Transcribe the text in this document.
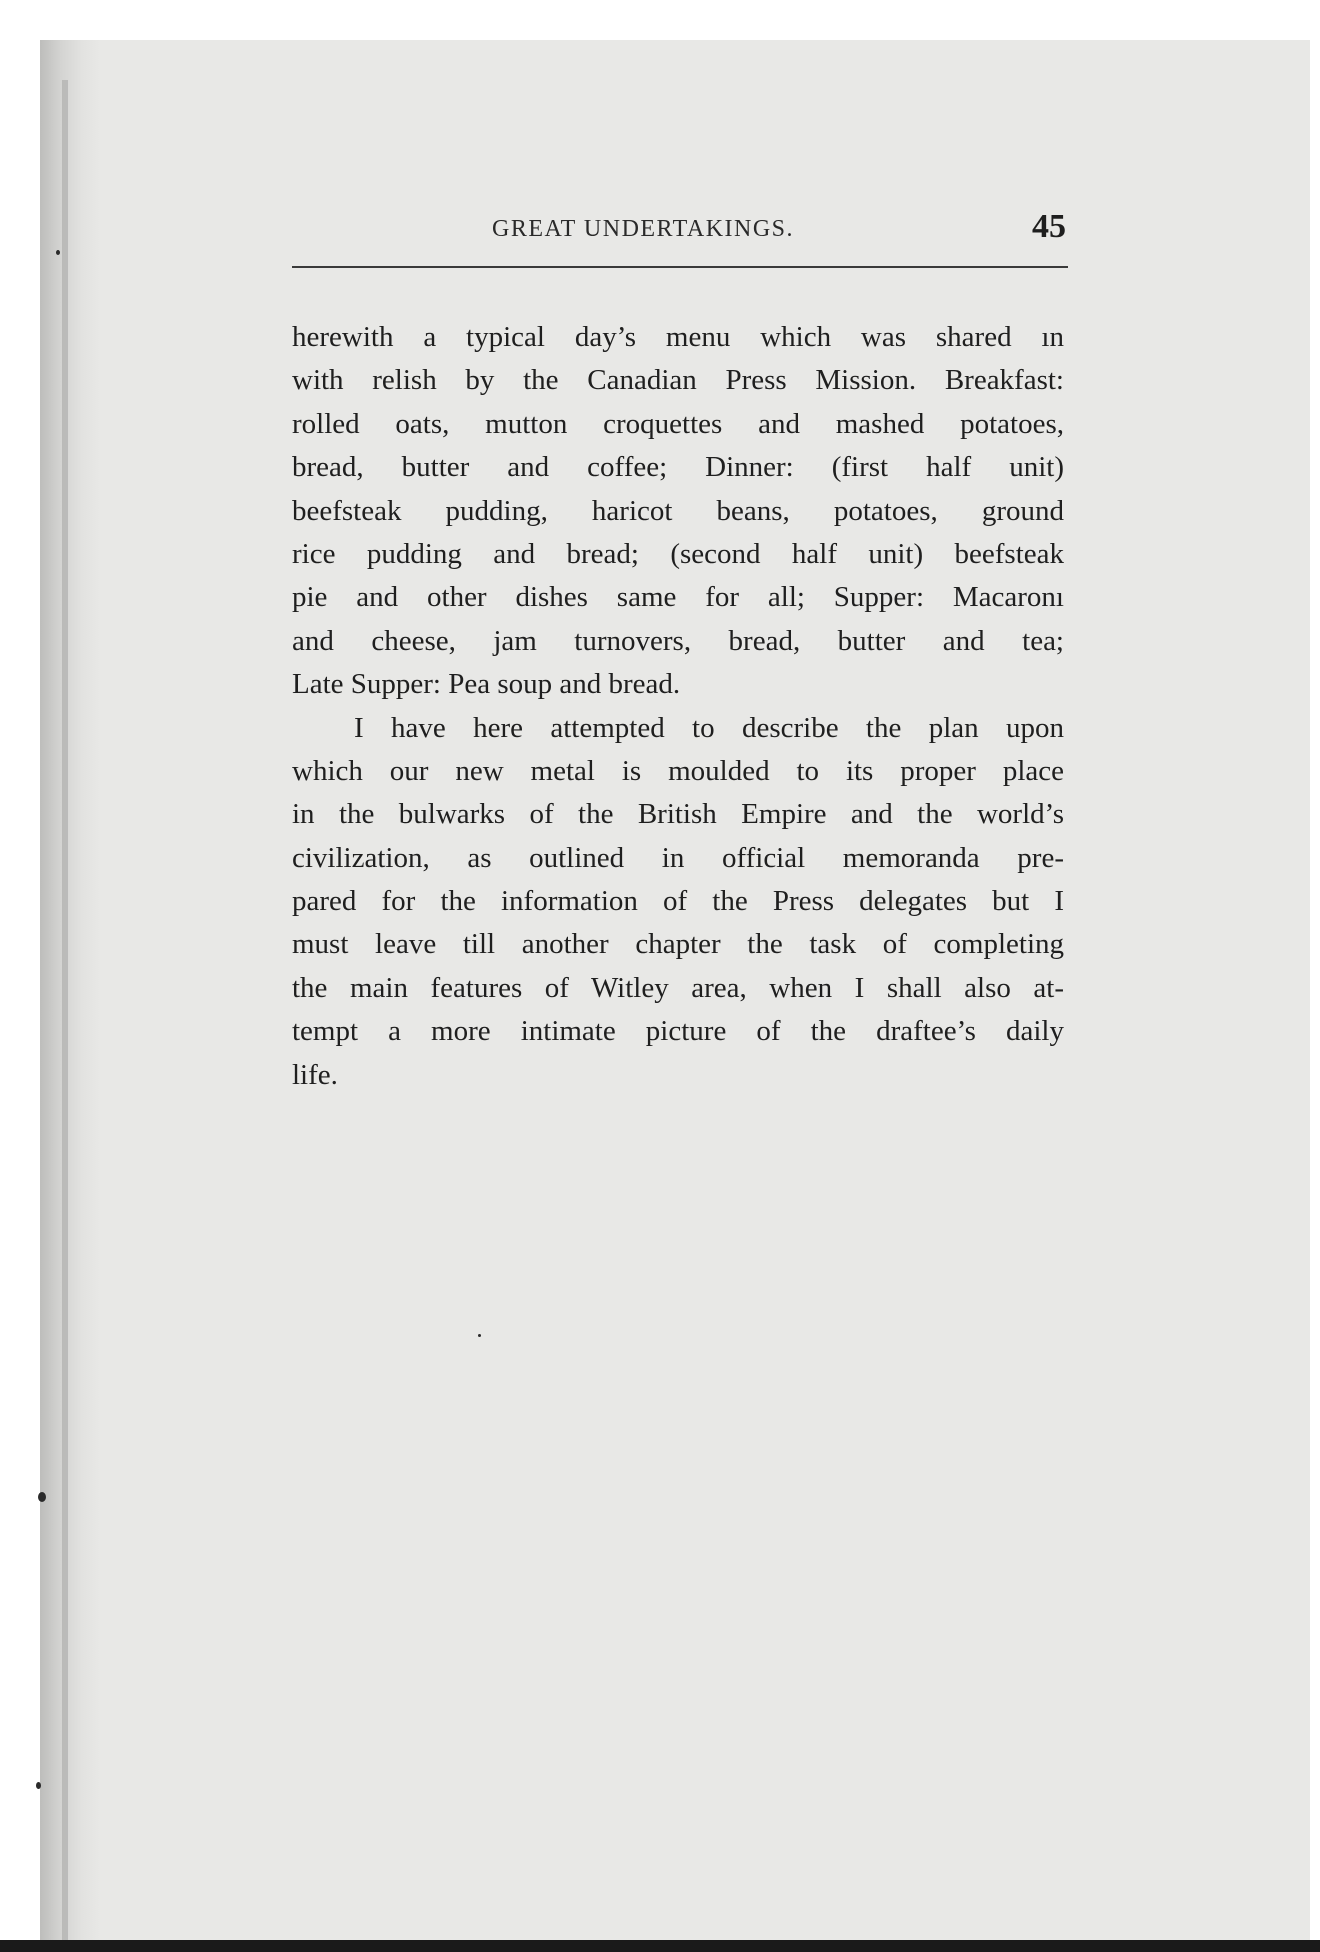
GREAT UNDERTAKINGS.	45
herewith a typical day’s menu which was shared ın
with relish by the Canadian Press Mission. Breakfast:
rolled oats, mutton croquettes and mashed potatoes,
bread, butter and coffee; Dinner: (first half unit)
beefsteak pudding, haricot beans, potatoes, ground
rice pudding and bread; (second half unit) beefsteak
pie and other dishes same for all; Supper: Macaronı
and cheese, jam turnovers, bread, butter and tea;
Late Supper: Pea soup and bread.
I have here attempted to describe the plan upon
which our new metal is moulded to its proper place
in the bulwarks of the British Empire and the world’s
civilization, as outlined in official memoranda pre-
pared for the information of the Press delegates but I
must leave till another chapter the task of completing
the main features of Witley area, when I shall also at-
tempt a more intimate picture of the draftee’s daily
life.
